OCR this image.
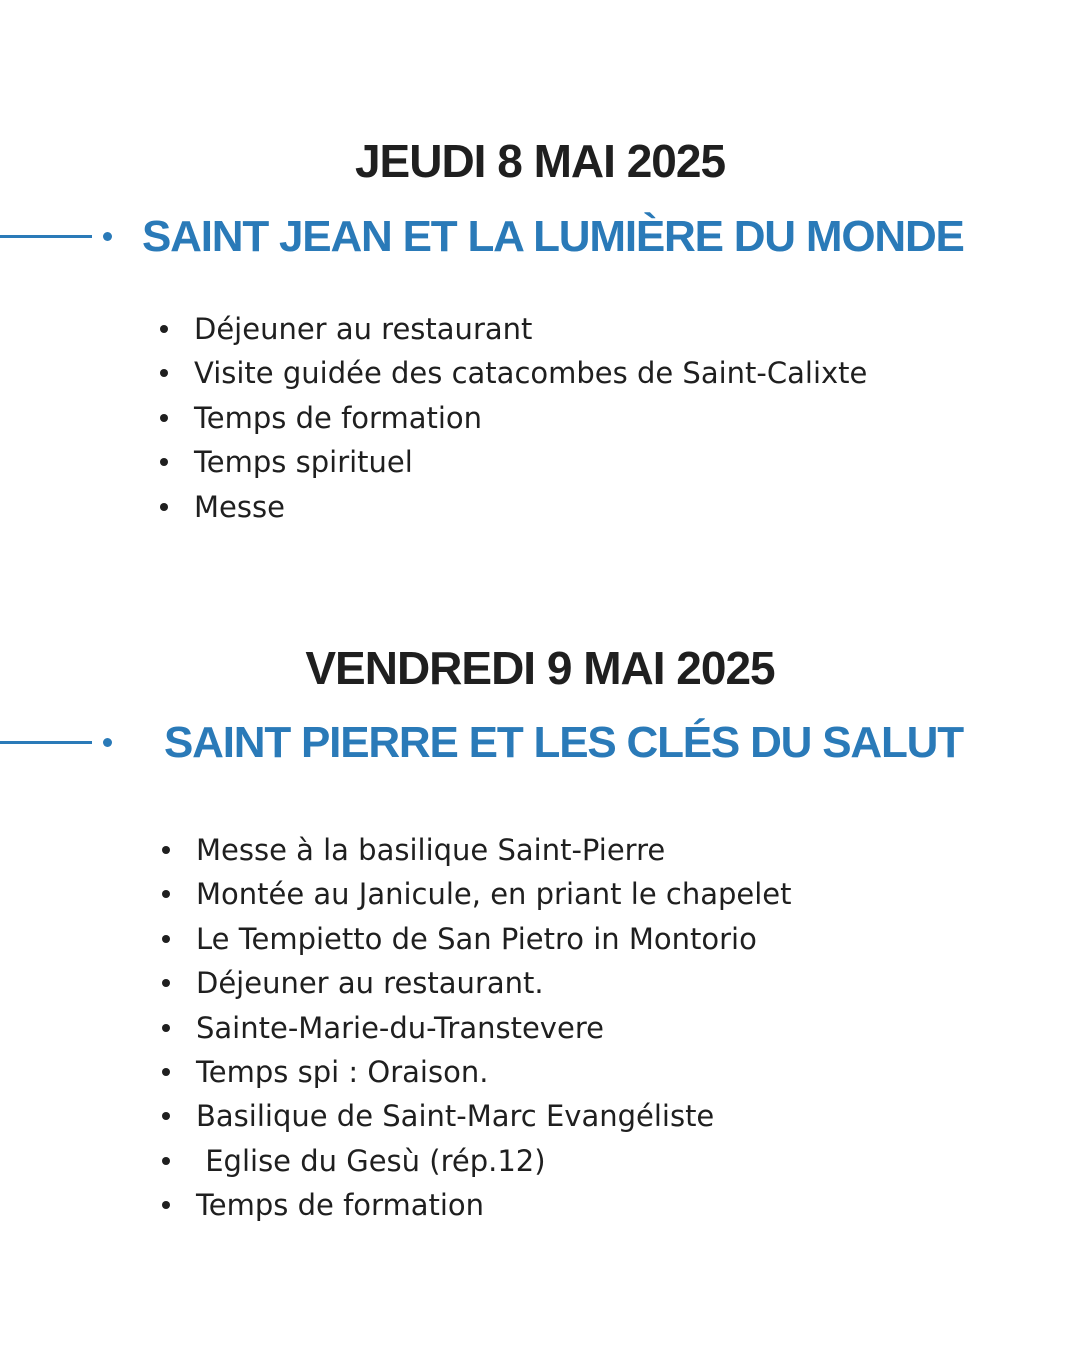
JEUDI 8 MAI 2025
SAINT JEAN ET LA LUMIÈRE DU MONDE
Déjeuner au restaurant
Visite guidée des catacombes de Saint-Calixte
Temps de formation
Temps spirituel
Messe
VENDREDI 9 MAI 2025
SAINT PIERRE ET LES CLÉS DU SALUT
Messe à la basilique Saint-Pierre
Montée au Janicule, en priant le chapelet
Le Tempietto de San Pietro in Montorio
Déjeuner au restaurant.
Sainte-Marie-du-Transtevere
Temps spi : Oraison.
Basilique de Saint-Marc Evangéliste
Eglise du Gesù (rép.12)
Temps de formation
